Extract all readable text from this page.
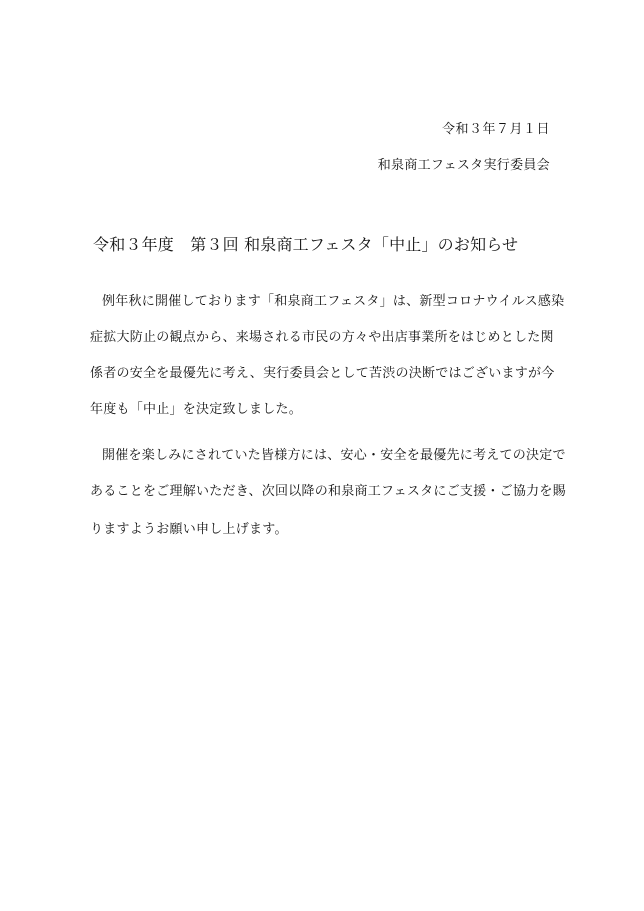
令和３年７月１日
和泉商工フェスタ実行委員会
令和３年度　第３回 和泉商工フェスタ「中止」のお知らせ
例年秋に開催しております「和泉商工フェスタ」は、新型コロナウイルス感染
症拡大防止の観点から、来場される市民の方々や出店事業所をはじめとした関
係者の安全を最優先に考え、実行委員会として苦渋の決断ではございますが今
年度も「中止」を決定致しました。
開催を楽しみにされていた皆様方には、安心・安全を最優先に考えての決定で
あることをご理解いただき、次回以降の和泉商工フェスタにご支援・ご協力を賜
りますようお願い申し上げます。
